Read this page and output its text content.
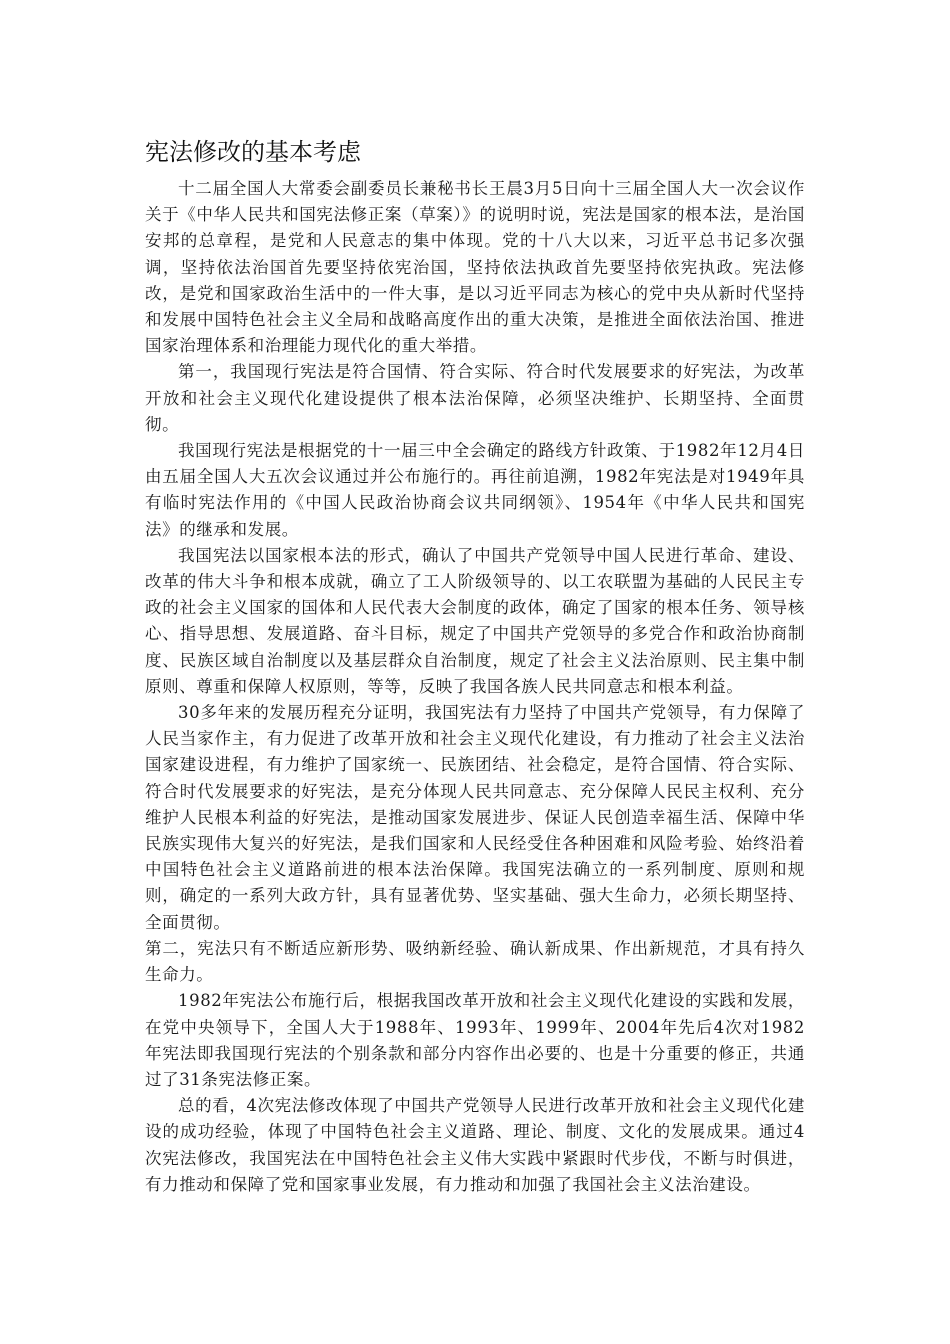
宪法修改的基本考虑

十二届全国人大常委会副委员长兼秘书长王晨3月5日向十三届全国人大一次会议作关于《中华人民共和国宪法修正案（草案）》的说明时说，宪法是国家的根本法，是治国安邦的总章程，是党和人民意志的集中体现。党的十八大以来，习近平总书记多次强调，坚持依法治国首先要坚持依宪治国，坚持依法执政首先要坚持依宪执政。宪法修改，是党和国家政治生活中的一件大事，是以习近平同志为核心的党中央从新时代坚持和发展中国特色社会主义全局和战略高度作出的重大决策，是推进全面依法治国、推进国家治理体系和治理能力现代化的重大举措。

第一，我国现行宪法是符合国情、符合实际、符合时代发展要求的好宪法，为改革开放和社会主义现代化建设提供了根本法治保障，必须坚决维护、长期坚持、全面贯彻。

我国现行宪法是根据党的十一届三中全会确定的路线方针政策、于1982年12月4日由五届全国人大五次会议通过并公布施行的。再往前追溯，1982年宪法是对1949年具有临时宪法作用的《中国人民政治协商会议共同纲领》、1954年《中华人民共和国宪法》的继承和发展。

我国宪法以国家根本法的形式，确认了中国共产党领导中国人民进行革命、建设、改革的伟大斗争和根本成就，确立了工人阶级领导的、以工农联盟为基础的人民民主专政的社会主义国家的国体和人民代表大会制度的政体，确定了国家的根本任务、领导核心、指导思想、发展道路、奋斗目标，规定了中国共产党领导的多党合作和政治协商制度、民族区域自治制度以及基层群众自治制度，规定了社会主义法治原则、民主集中制原则、尊重和保障人权原则，等等，反映了我国各族人民共同意志和根本利益。

30多年来的发展历程充分证明，我国宪法有力坚持了中国共产党领导，有力保障了人民当家作主，有力促进了改革开放和社会主义现代化建设，有力推动了社会主义法治国家建设进程，有力维护了国家统一、民族团结、社会稳定，是符合国情、符合实际、符合时代发展要求的好宪法，是充分体现人民共同意志、充分保障人民民主权利、充分维护人民根本利益的好宪法，是推动国家发展进步、保证人民创造幸福生活、保障中华民族实现伟大复兴的好宪法，是我们国家和人民经受住各种困难和风险考验、始终沿着中国特色社会主义道路前进的根本法治保障。我国宪法确立的一系列制度、原则和规则，确定的一系列大政方针，具有显著优势、坚实基础、强大生命力，必须长期坚持、全面贯彻。

第二，宪法只有不断适应新形势、吸纳新经验、确认新成果、作出新规范，才具有持久生命力。

1982年宪法公布施行后，根据我国改革开放和社会主义现代化建设的实践和发展，在党中央领导下，全国人大于1988年、1993年、1999年、2004年先后4次对1982年宪法即我国现行宪法的个别条款和部分内容作出必要的、也是十分重要的修正，共通过了31条宪法修正案。

总的看，4次宪法修改体现了中国共产党领导人民进行改革开放和社会主义现代化建设的成功经验，体现了中国特色社会主义道路、理论、制度、文化的发展成果。通过4次宪法修改，我国宪法在中国特色社会主义伟大实践中紧跟时代步伐，不断与时俱进，有力推动和保障了党和国家事业发展，有力推动和加强了我国社会主义法治建设。
